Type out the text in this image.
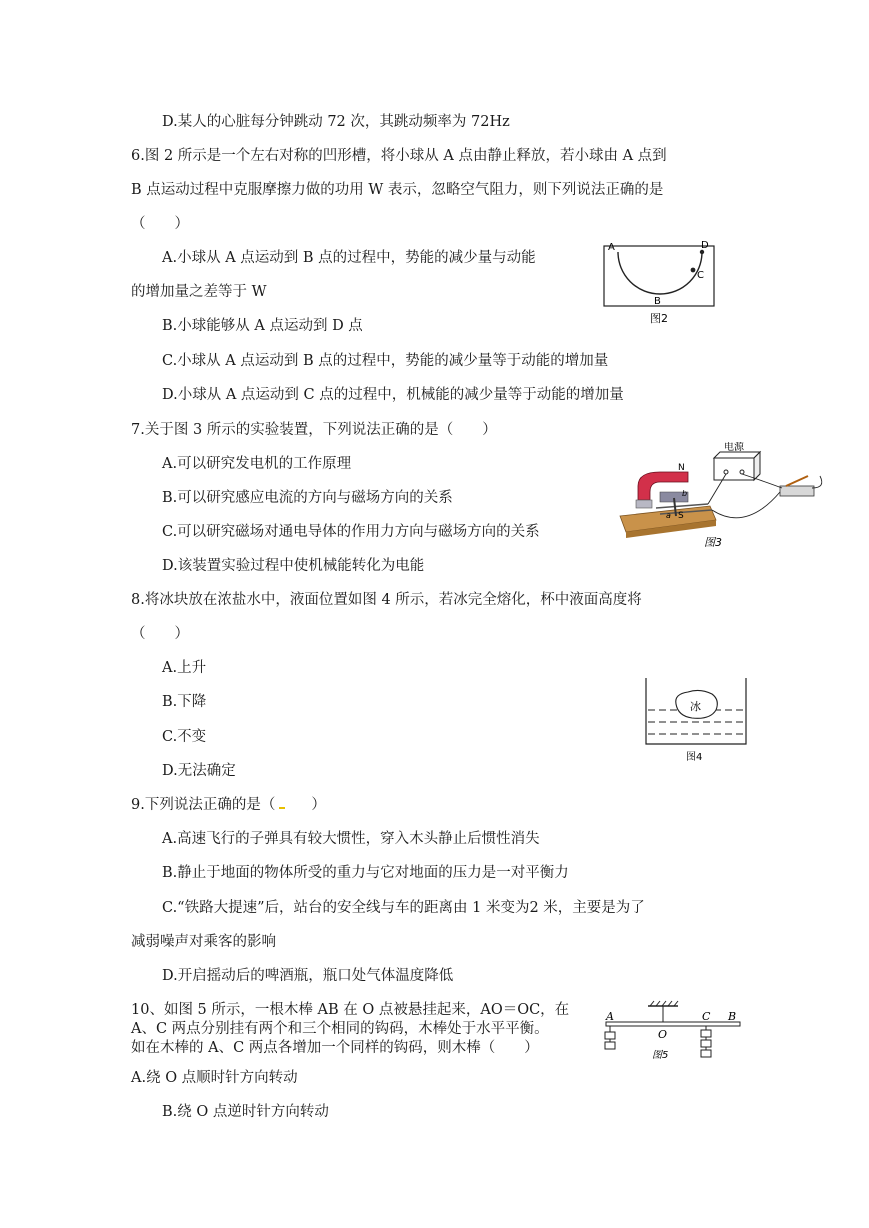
D.某人的心脏每分钟跳动 72 次，其跳动频率为 72Hz
6.图 2 所示是一个左右对称的凹形槽，将小球从 A 点由静止释放，若小球由 A 点到
B 点运动过程中克服摩擦力做的功用 W 表示，忽略空气阻力，则下列说法正确的是
（　　）
A.小球从 A 点运动到 B 点的过程中，势能的减少量与动能
的增加量之差等于 W
B.小球能够从 A 点运动到 D 点
C.小球从 A 点运动到 B 点的过程中，势能的减少量等于动能的增加量
D.小球从 A 点运动到 C 点的过程中，机械能的减少量等于动能的增加量
A	D
C
B
图2
7.关于图 3 所示的实验装置，下列说法正确的是（　　）
A.可以研究发电机的工作原理
B.可以研究感应电流的方向与磁场方向的关系
C.可以研究磁场对通电导体的作用力方向与磁场方向的关系
D.该装置实验过程中使机械能转化为电能
电源
N
S
b
a
图3
8.将冰块放在浓盐水中，液面位置如图 4 所示，若冰完全熔化，杯中液面高度将
（　　）
A.上升
B.下降
C.不变
D.无法确定
冰
图4
9.下列说法正确的是（ ）
A.高速飞行的子弹具有较大惯性，穿入木头静止后惯性消失
B.静止于地面的物体所受的重力与它对地面的压力是一对平衡力
C.“铁路大提速”后，站台的安全线与车的距离由 1 米变为2 米，主要是为了
减弱噪声对乘客的影响
D.开启摇动后的啤酒瓶，瓶口处气体温度降低
10、如图 5 所示，一根木棒 AB 在 O 点被悬挂起来，AO＝OC，在
A、C 两点分别挂有两个和三个相同的钩码，木棒处于水平平衡。
如在木棒的 A、C 两点各增加一个同样的钩码，则木棒（　　）
A.绕 O 点顺时针方向转动
B.绕 O 点逆时针方向转动
A
O
C B
图5
